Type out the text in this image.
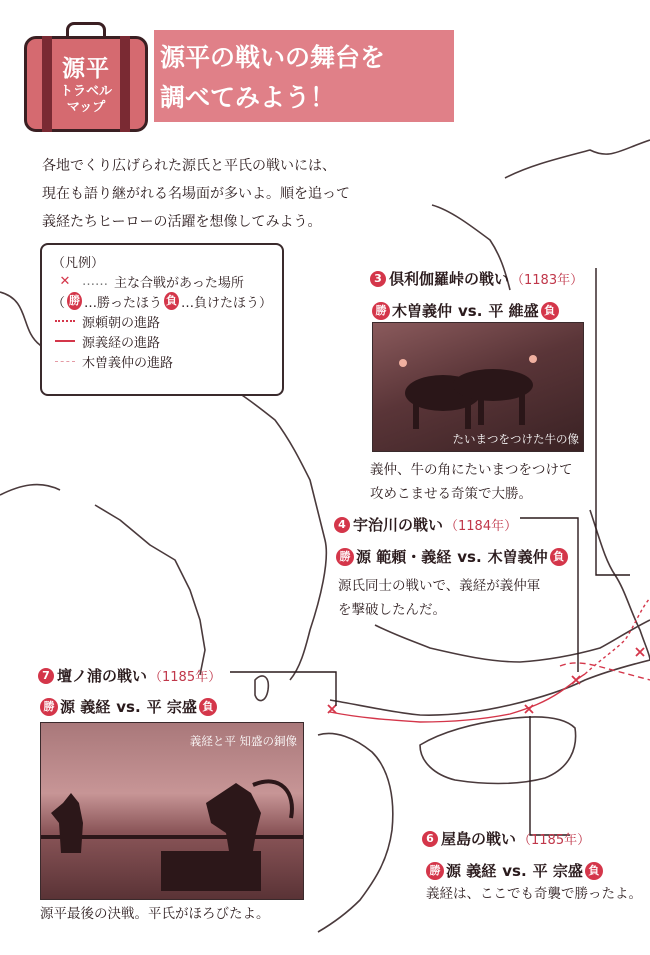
源平
トラベル
マップ
源平の戦いの舞台を
調べてみよう！
各地でくり広げられた源氏と平氏の戦いには、
現在も語り継がれる名場面が多いよ。順を追って
義経たちヒーローの活躍を想像してみよう。
（凡例）
✕ …… 主な合戦があった場所
（ 勝 …勝ったほう 負 …負けたほう）
源頼朝の進路
源義経の進路
木曽義仲の進路
3 倶利伽羅峠の戦い （1183年）
勝 木曽義仲 vs. 平 維盛 負
たいまつをつけた牛の像
義仲、牛の角にたいまつをつけて
攻めこませる奇策で大勝。
4 宇治川の戦い （1184年）
勝 源 範頼・義経 vs. 木曽義仲 負
源氏同士の戦いで、義経が義仲軍
を撃破したんだ。
7 壇ノ浦の戦い （1185年）
勝 源 義経 vs. 平 宗盛 負
義経と平 知盛の銅像
源平最後の決戦。平氏がほろびたよ。
6 屋島の戦い （1185年）
勝 源 義経 vs. 平 宗盛 負
義経は、ここでも奇襲で勝ったよ。
